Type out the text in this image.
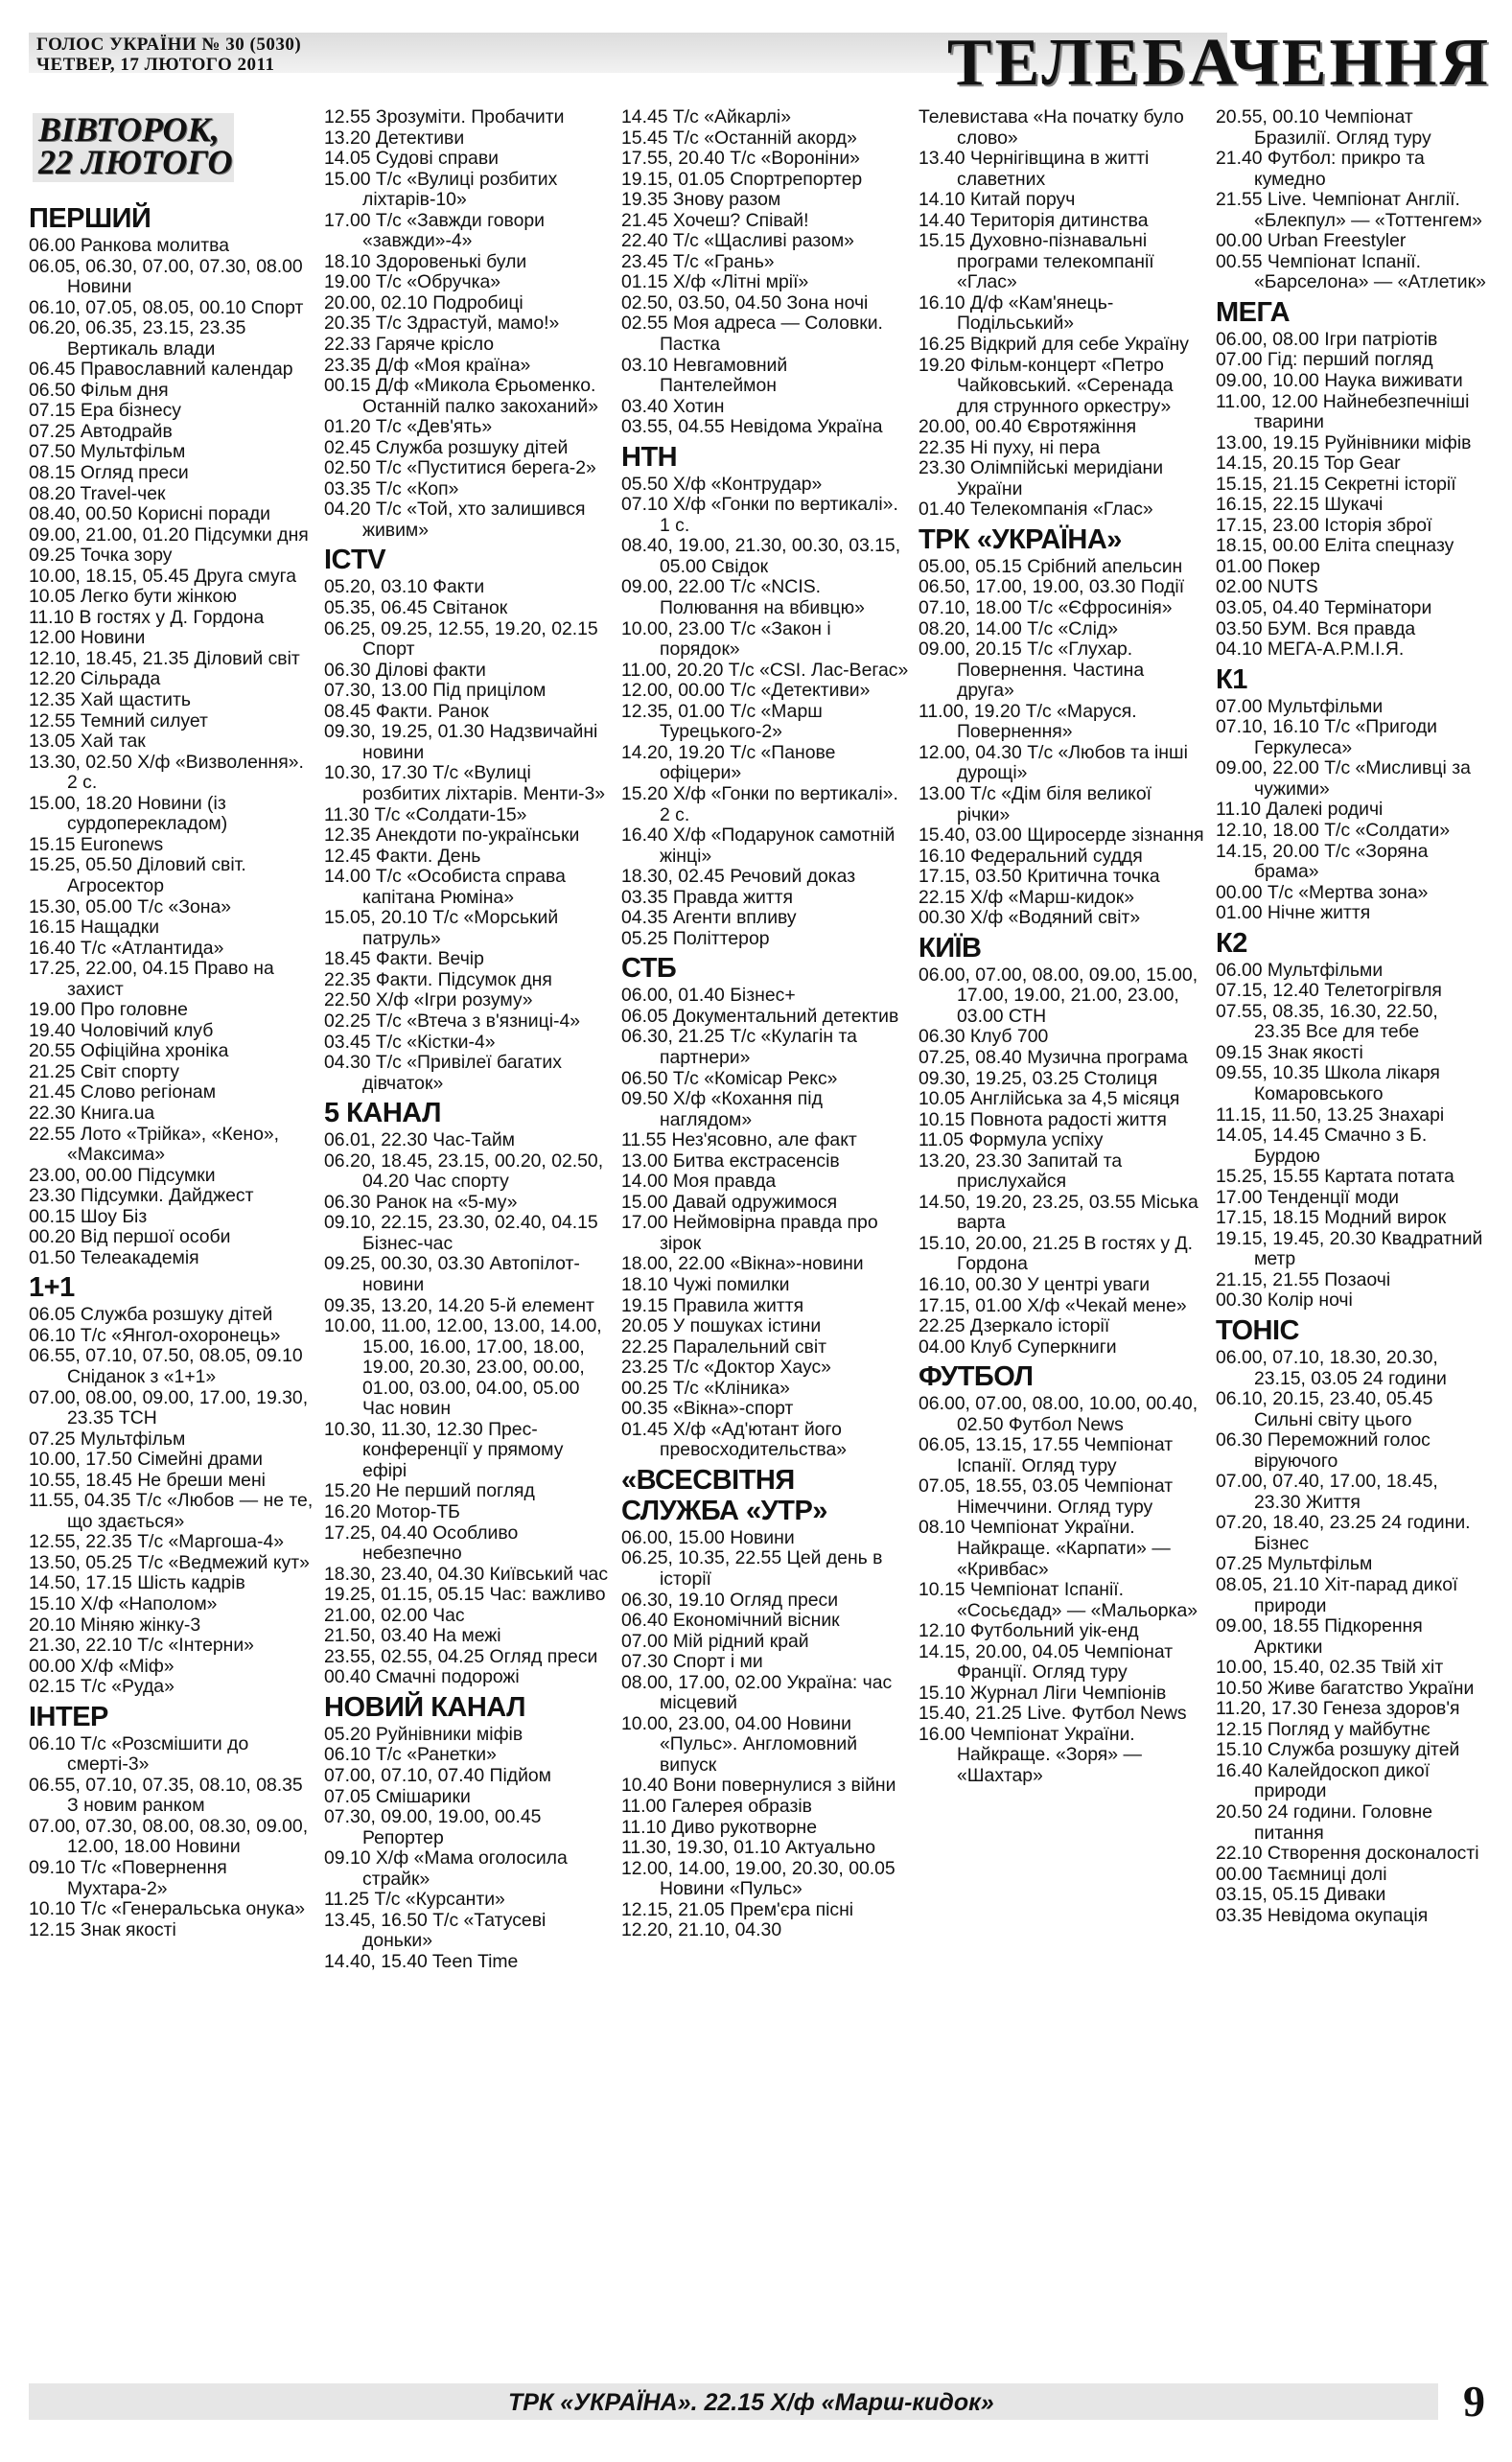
ГОЛОС УКРАЇНИ № 30 (5030)
ЧЕТВЕР, 17 ЛЮТОГО 2011	ТЕЛЕБАЧЕННЯ
ВІВТОРОК,
22 ЛЮТОГО
ПЕРШИЙ
06.00 Ранкова молитва
06.05, 06.30, 07.00, 07.30, 08.00 Новини
06.10, 07.05, 08.05, 00.10 Спорт
06.20, 06.35, 23.15, 23.35 Вертикаль влади
06.45 Православний календар
06.50 Фільм дня
07.15 Ера бізнесу
07.25 Автодрайв
07.50 Мультфільм
08.15 Огляд преси
08.20 Travel-чек
08.40, 00.50 Корисні поради
09.00, 21.00, 01.20 Підсумки дня
09.25 Точка зору
10.00, 18.15, 05.45 Друга смуга
10.05 Легко бути жінкою
11.10 В гостях у Д. Гордона
12.00 Новини
12.10, 18.45, 21.35 Діловий світ
12.20 Сільрада
12.35 Хай щастить
12.55 Темний силует
13.05 Хай так
13.30, 02.50 Х/ф «Визволення». 2 с.
15.00, 18.20 Новини (із сурдоперекладом)
15.15 Euronews
15.25, 05.50 Діловий світ. Агросектор
15.30, 05.00 Т/с «Зона»
16.15 Нащадки
16.40 Т/с «Атлантида»
17.25, 22.00, 04.15 Право на захист
19.00 Про головне
19.40 Чоловічий клуб
20.55 Офіційна хроніка
21.25 Світ спорту
21.45 Слово регіонам
22.30 Книга.ua
22.55 Лото «Трійка», «Кено», «Максима»
23.00, 00.00 Підсумки
23.30 Підсумки. Дайджест
00.15 Шоу Біз
00.20 Від першої особи
01.50 Телеакадемія
1+1
06.05 Служба розшуку дітей
06.10 Т/с «Янгол-охоронець»
06.55, 07.10, 07.50, 08.05, 09.10 Сніданок з «1+1»
07.00, 08.00, 09.00, 17.00, 19.30, 23.35 ТСН
07.25 Мультфільм
10.00, 17.50 Сімейні драми
10.55, 18.45 Не бреши мені
11.55, 04.35 Т/с «Любов — не те, що здається»
12.55, 22.35 Т/с «Маргоша-4»
13.50, 05.25 Т/с «Ведмежий кут»
14.50, 17.15 Шість кадрів
15.10 Х/ф «Наполом»
20.10 Міняю жінку-3
21.30, 22.10 Т/с «Інтерни»
00.00 Х/ф «Міф»
02.15 Т/с «Руда»
ІНТЕР
06.10 Т/с «Розсмішити до смерті-3»
06.55, 07.10, 07.35, 08.10, 08.35 З новим ранком
07.00, 07.30, 08.00, 08.30, 09.00, 12.00, 18.00 Новини
09.10 Т/с «Повернення Мухтара-2»
10.10 Т/с «Генеральська онука»
12.15 Знак якості
12.55 Зрозуміти. Пробачити
13.20 Детективи
14.05 Судові справи
15.00 Т/с «Вулиці розбитих ліхтарів-10»
17.00 Т/с «Завжди говори «завжди»-4»
18.10 Здоровенькі були
19.00 Т/с «Обручка»
20.00, 02.10 Подробиці
20.35 Т/с Здрастуй, мамо!»
22.33 Гаряче крісло
23.35 Д/ф «Моя країна»
00.15 Д/ф «Микола Єрьоменко. Останній палко закоханий»
01.20 Т/с «Дев'ять»
02.45 Служба розшуку дітей
02.50 Т/с «Пуститися берега-2»
03.35 Т/с «Коп»
04.20 Т/с «Той, хто залишився живим»
ICTV
05.20, 03.10 Факти
05.35, 06.45 Світанок
06.25, 09.25, 12.55, 19.20, 02.15 Спорт
06.30 Ділові факти
07.30, 13.00 Під прицілом
08.45 Факти. Ранок
09.30, 19.25, 01.30 Надзвичайні новини
10.30, 17.30 Т/с «Вулиці розбитих ліхтарів. Менти-3»
11.30 Т/с «Солдати-15»
12.35 Анекдоти по-українськи
12.45 Факти. День
14.00 Т/с «Особиста справа капітана Рюміна»
15.05, 20.10 Т/с «Морський патруль»
18.45 Факти. Вечір
22.35 Факти. Підсумок дня
22.50 Х/ф «Ігри розуму»
02.25 Т/с «Втеча з в'язниці-4»
03.45 Т/с «Кістки-4»
04.30 Т/с «Привілеї багатих дівчаток»
5 КАНАЛ
06.01, 22.30 Час-Тайм
06.20, 18.45, 23.15, 00.20, 02.50, 04.20 Час спорту
06.30 Ранок на «5-му»
09.10, 22.15, 23.30, 02.40, 04.15 Бізнес-час
09.25, 00.30, 03.30 Автопілот-новини
09.35, 13.20, 14.20 5-й елемент
10.00, 11.00, 12.00, 13.00, 14.00, 15.00, 16.00, 17.00, 18.00, 19.00, 20.30, 23.00, 00.00, 01.00, 03.00, 04.00, 05.00 Час новин
10.30, 11.30, 12.30 Прес-конференції у прямому ефірі
15.20 Не перший погляд
16.20 Мотор-ТБ
17.25, 04.40 Особливо небезпечно
18.30, 23.40, 04.30 Київський час
19.25, 01.15, 05.15 Час: важливо
21.00, 02.00 Час
21.50, 03.40 На межі
23.55, 02.55, 04.25 Огляд преси
00.40 Смачні подорожі
НОВИЙ КАНАЛ
05.20 Руйнівники міфів
06.10 Т/с «Ранетки»
07.00, 07.10, 07.40 Підйом
07.05 Смішарики
07.30, 09.00, 19.00, 00.45 Репортер
09.10 Х/ф «Мама оголосила страйк»
11.25 Т/с «Курсанти»
13.45, 16.50 Т/с «Татусеві доньки»
14.40, 15.40 Teen Time
14.45 Т/с «Айкарлі»
15.45 Т/с «Останній акорд»
17.55, 20.40 Т/с «Вороніни»
19.15, 01.05 Спортрепортер
19.35 Знову разом
21.45 Хочеш? Співай!
22.40 Т/с «Щасливі разом»
23.45 Т/с «Грань»
01.15 Х/ф «Літні мрії»
02.50, 03.50, 04.50 Зона ночі
02.55 Моя адреса — Соловки. Пастка
03.10 Невгамовний Пантелеймон
03.40 Хотин
03.55, 04.55 Невідома Україна
НТН
05.50 Х/ф «Контрудар»
07.10 Х/ф «Гонки по вертикалі». 1 с.
08.40, 19.00, 21.30, 00.30, 03.15, 05.00 Свідок
09.00, 22.00 Т/с «NCIS. Полювання на вбивцю»
10.00, 23.00 Т/с «Закон і порядок»
11.00, 20.20 Т/с «CSI. Лас-Вегас»
12.00, 00.00 Т/с «Детективи»
12.35, 01.00 Т/с «Марш Турецького-2»
14.20, 19.20 Т/с «Панове офіцери»
15.20 Х/ф «Гонки по вертикалі». 2 с.
16.40 Х/ф «Подарунок самотній жінці»
18.30, 02.45 Речовий доказ
03.35 Правда життя
04.35 Агенти впливу
05.25 Політтерор
СТБ
06.00, 01.40 Бізнес+
06.05 Документальний детектив
06.30, 21.25 Т/с «Кулагін та партнери»
06.50 Т/с «Комісар Рекс»
09.50 Х/ф «Кохання під наглядом»
11.55 Нез'ясовно, але факт
13.00 Битва екстрасенсів
14.00 Моя правда
15.00 Давай одружимося
17.00 Неймовірна правда про зірок
18.00, 22.00 «Вікна»-новини
18.10 Чужі помилки
19.15 Правила життя
20.05 У пошуках істини
22.25 Паралельний світ
23.25 Т/с «Доктор Хаус»
00.25 Т/с «Кліника»
00.35 «Вікна»-спорт
01.45 Х/ф «Ад'ютант його превосходительства»
«ВСЕСВІТНЯ СЛУЖБА «УТР»
06.00, 15.00 Новини
06.25, 10.35, 22.55 Цей день в історії
06.30, 19.10 Огляд преси
06.40 Економічний вісник
07.00 Мій рідний край
07.30 Спорт і ми
08.00, 17.00, 02.00 Україна: час місцевий
10.00, 23.00, 04.00 Новини «Пульс». Англомовний випуск
10.40 Вони повернулися з війни
11.00 Галерея образів
11.10 Диво рукотворне
11.30, 19.30, 01.10 Актуально
12.00, 14.00, 19.00, 20.30, 00.05 Новини «Пульс»
12.15, 21.05 Прем'єра пісні
12.20, 21.10, 04.30
Телевистава «На початку було слово»
13.40 Чернігівщина в житті славетних
14.10 Китай поруч
14.40 Територія дитинства
15.15 Духовно-пізнавальні програми телекомпанії «Глас»
16.10 Д/ф «Кам'янець-Подільський»
16.25 Відкрий для себе Україну
19.20 Фільм-концерт «Петро Чайковський. «Серенада для струнного оркестру»
20.00, 00.40 Євротяжіння
22.35 Ні пуху, ні пера
23.30 Олімпійські меридіани України
01.40 Телекомпанія «Глас»
ТРК «УКРАЇНА»
05.00, 05.15 Срібний апельсин
06.50, 17.00, 19.00, 03.30 Події
07.10, 18.00 Т/с «Єфросинія»
08.20, 14.00 Т/с «Слід»
09.00, 20.15 Т/с «Глухар. Повернення. Частина друга»
11.00, 19.20 Т/с «Маруся. Повернення»
12.00, 04.30 Т/с «Любов та інші дурощі»
13.00 Т/с «Дім біля великої річки»
15.40, 03.00 Щиросерде зізнання
16.10 Федеральний суддя
17.15, 03.50 Критична точка
22.15 Х/ф «Марш-кидок»
00.30 Х/ф «Водяний світ»
КИЇВ
06.00, 07.00, 08.00, 09.00, 15.00, 17.00, 19.00, 21.00, 23.00, 03.00 СТН
06.30 Клуб 700
07.25, 08.40 Музична програма
09.30, 19.25, 03.25 Столиця
10.05 Англійська за 4,5 місяця
10.15 Повнота радості життя
11.05 Формула успіху
13.20, 23.30 Запитай та прислухайся
14.50, 19.20, 23.25, 03.55 Міська варта
15.10, 20.00, 21.25 В гостях у Д. Гордона
16.10, 00.30 У центрі уваги
17.15, 01.00 Х/ф «Чекай мене»
22.25 Дзеркало історії
04.00 Клуб Суперкниги
ФУТБОЛ
06.00, 07.00, 08.00, 10.00, 00.40, 02.50 Футбол News
06.05, 13.15, 17.55 Чемпіонат Іспанії. Огляд туру
07.05, 18.55, 03.05 Чемпіонат Німеччини. Огляд туру
08.10 Чемпіонат України. Найкраще. «Карпати» — «Кривбас»
10.15 Чемпіонат Іспанії. «Сосьєдад» — «Мальорка»
12.10 Футбольний уік-енд
14.15, 20.00, 04.05 Чемпіонат Франції. Огляд туру
15.10 Журнал Ліги Чемпіонів
15.40, 21.25 Live. Футбол News
16.00 Чемпіонат України. Найкраще. «Зоря» — «Шахтар»
20.55, 00.10 Чемпіонат Бразилії. Огляд туру
21.40 Футбол: прикро та кумедно
21.55 Live. Чемпіонат Англії. «Блекпул» — «Тоттенгем»
00.00 Urban Freestyler
00.55 Чемпіонат Іспанії. «Барселона» — «Атлетик»
МЕГА
06.00, 08.00 Ігри патріотів
07.00 Гід: перший погляд
09.00, 10.00 Наука виживати
11.00, 12.00 Найнебезпечніші тварини
13.00, 19.15 Руйнівники міфів
14.15, 20.15 Top Gear
15.15, 21.15 Секретні історії
16.15, 22.15 Шукачі
17.15, 23.00 Історія зброї
18.15, 00.00 Еліта спецназу
01.00 Покер
02.00 NUTS
03.05, 04.40 Термінатори
03.50 БУМ. Вся правда
04.10 МЕГА-А.Р.М.І.Я.
К1
07.00 Мультфільми
07.10, 16.10 Т/с «Пригоди Геркулеса»
09.00, 22.00 Т/с «Мисливці за чужими»
11.10 Далекі родичі
12.10, 18.00 Т/с «Солдати»
14.15, 20.00 Т/с «Зоряна брама»
00.00 Т/с «Мертва зона»
01.00 Нічне життя
К2
06.00 Мультфільми
07.15, 12.40 Телетогрігвля
07.55, 08.35, 16.30, 22.50, 23.35 Все для тебе
09.15 Знак якості
09.55, 10.35 Школа лікаря Комаровського
11.15, 11.50, 13.25 Знахарі
14.05, 14.45 Смачно з Б. Бурдою
15.25, 15.55 Картата потата
17.00 Тенденції моди
17.15, 18.15 Модний вирок
19.15, 19.45, 20.30 Квадратний метр
21.15, 21.55 Позаочі
00.30 Колір ночі
ТОНІС
06.00, 07.10, 18.30, 20.30, 23.15, 03.05 24 години
06.10, 20.15, 23.40, 05.45 Сильні світу цього
06.30 Переможний голос віруючого
07.00, 07.40, 17.00, 18.45, 23.30 Життя
07.20, 18.40, 23.25 24 години. Бізнес
07.25 Мультфільм
08.05, 21.10 Хіт-парад дикої природи
09.00, 18.55 Підкорення Арктики
10.00, 15.40, 02.35 Твій хіт
10.50 Живе багатство України
11.20, 17.30 Генеза здоров'я
12.15 Погляд у майбутнє
15.10 Служба розшуку дітей
16.40 Калейдоскоп дикої природи
20.50 24 години. Головне питання
22.10 Створення досконалості
00.00 Таємниці долі
03.15, 05.15 Диваки
03.35 Невідома окупація
ТРК «УКРАЇНА». 22.15 Х/ф «Марш-кидок»	9
